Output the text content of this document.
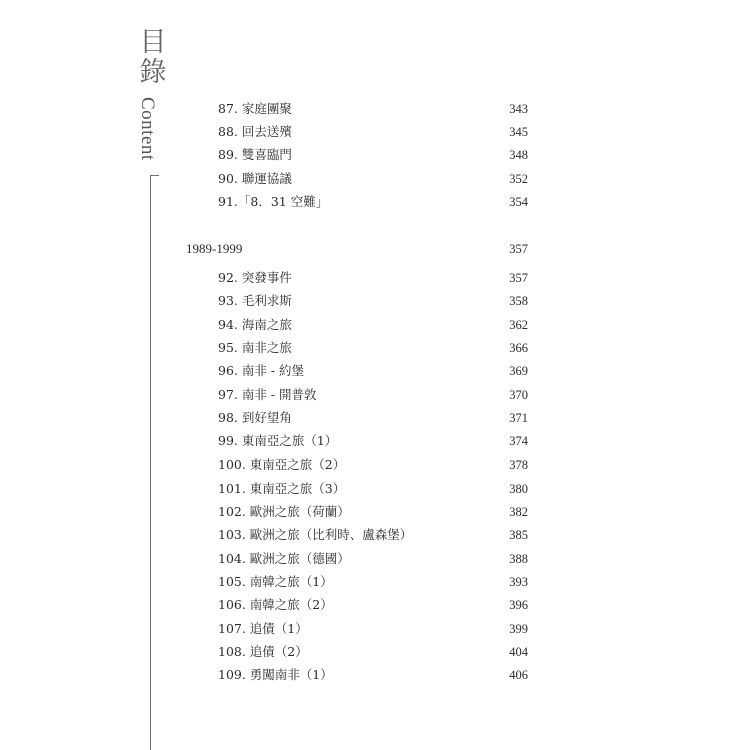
目
錄
Content	87. 家庭團聚	343
88. 回去送殯	345
89. 雙喜臨門	348
90. 聯運協議	352
91.「8．31 空難」	354
1989-1999	357
92. 突發事件	357
93. 毛利求斯	358
94. 海南之旅	362
95. 南非之旅	366
96. 南非 - 約堡	369
97. 南非 - 開普敦	370
98. 到好望角	371
99. 東南亞之旅（1）	374
100. 東南亞之旅（2）	378
101. 東南亞之旅（3）	380
102. 歐洲之旅（荷蘭）	382
103. 歐洲之旅（比利時、盧森堡）	385
104. 歐洲之旅（德國）	388
105. 南韓之旅（1）	393
106. 南韓之旅（2）	396
107. 追債（1）	399
108. 追債（2）	404
109. 勇闖南非（1）	406
